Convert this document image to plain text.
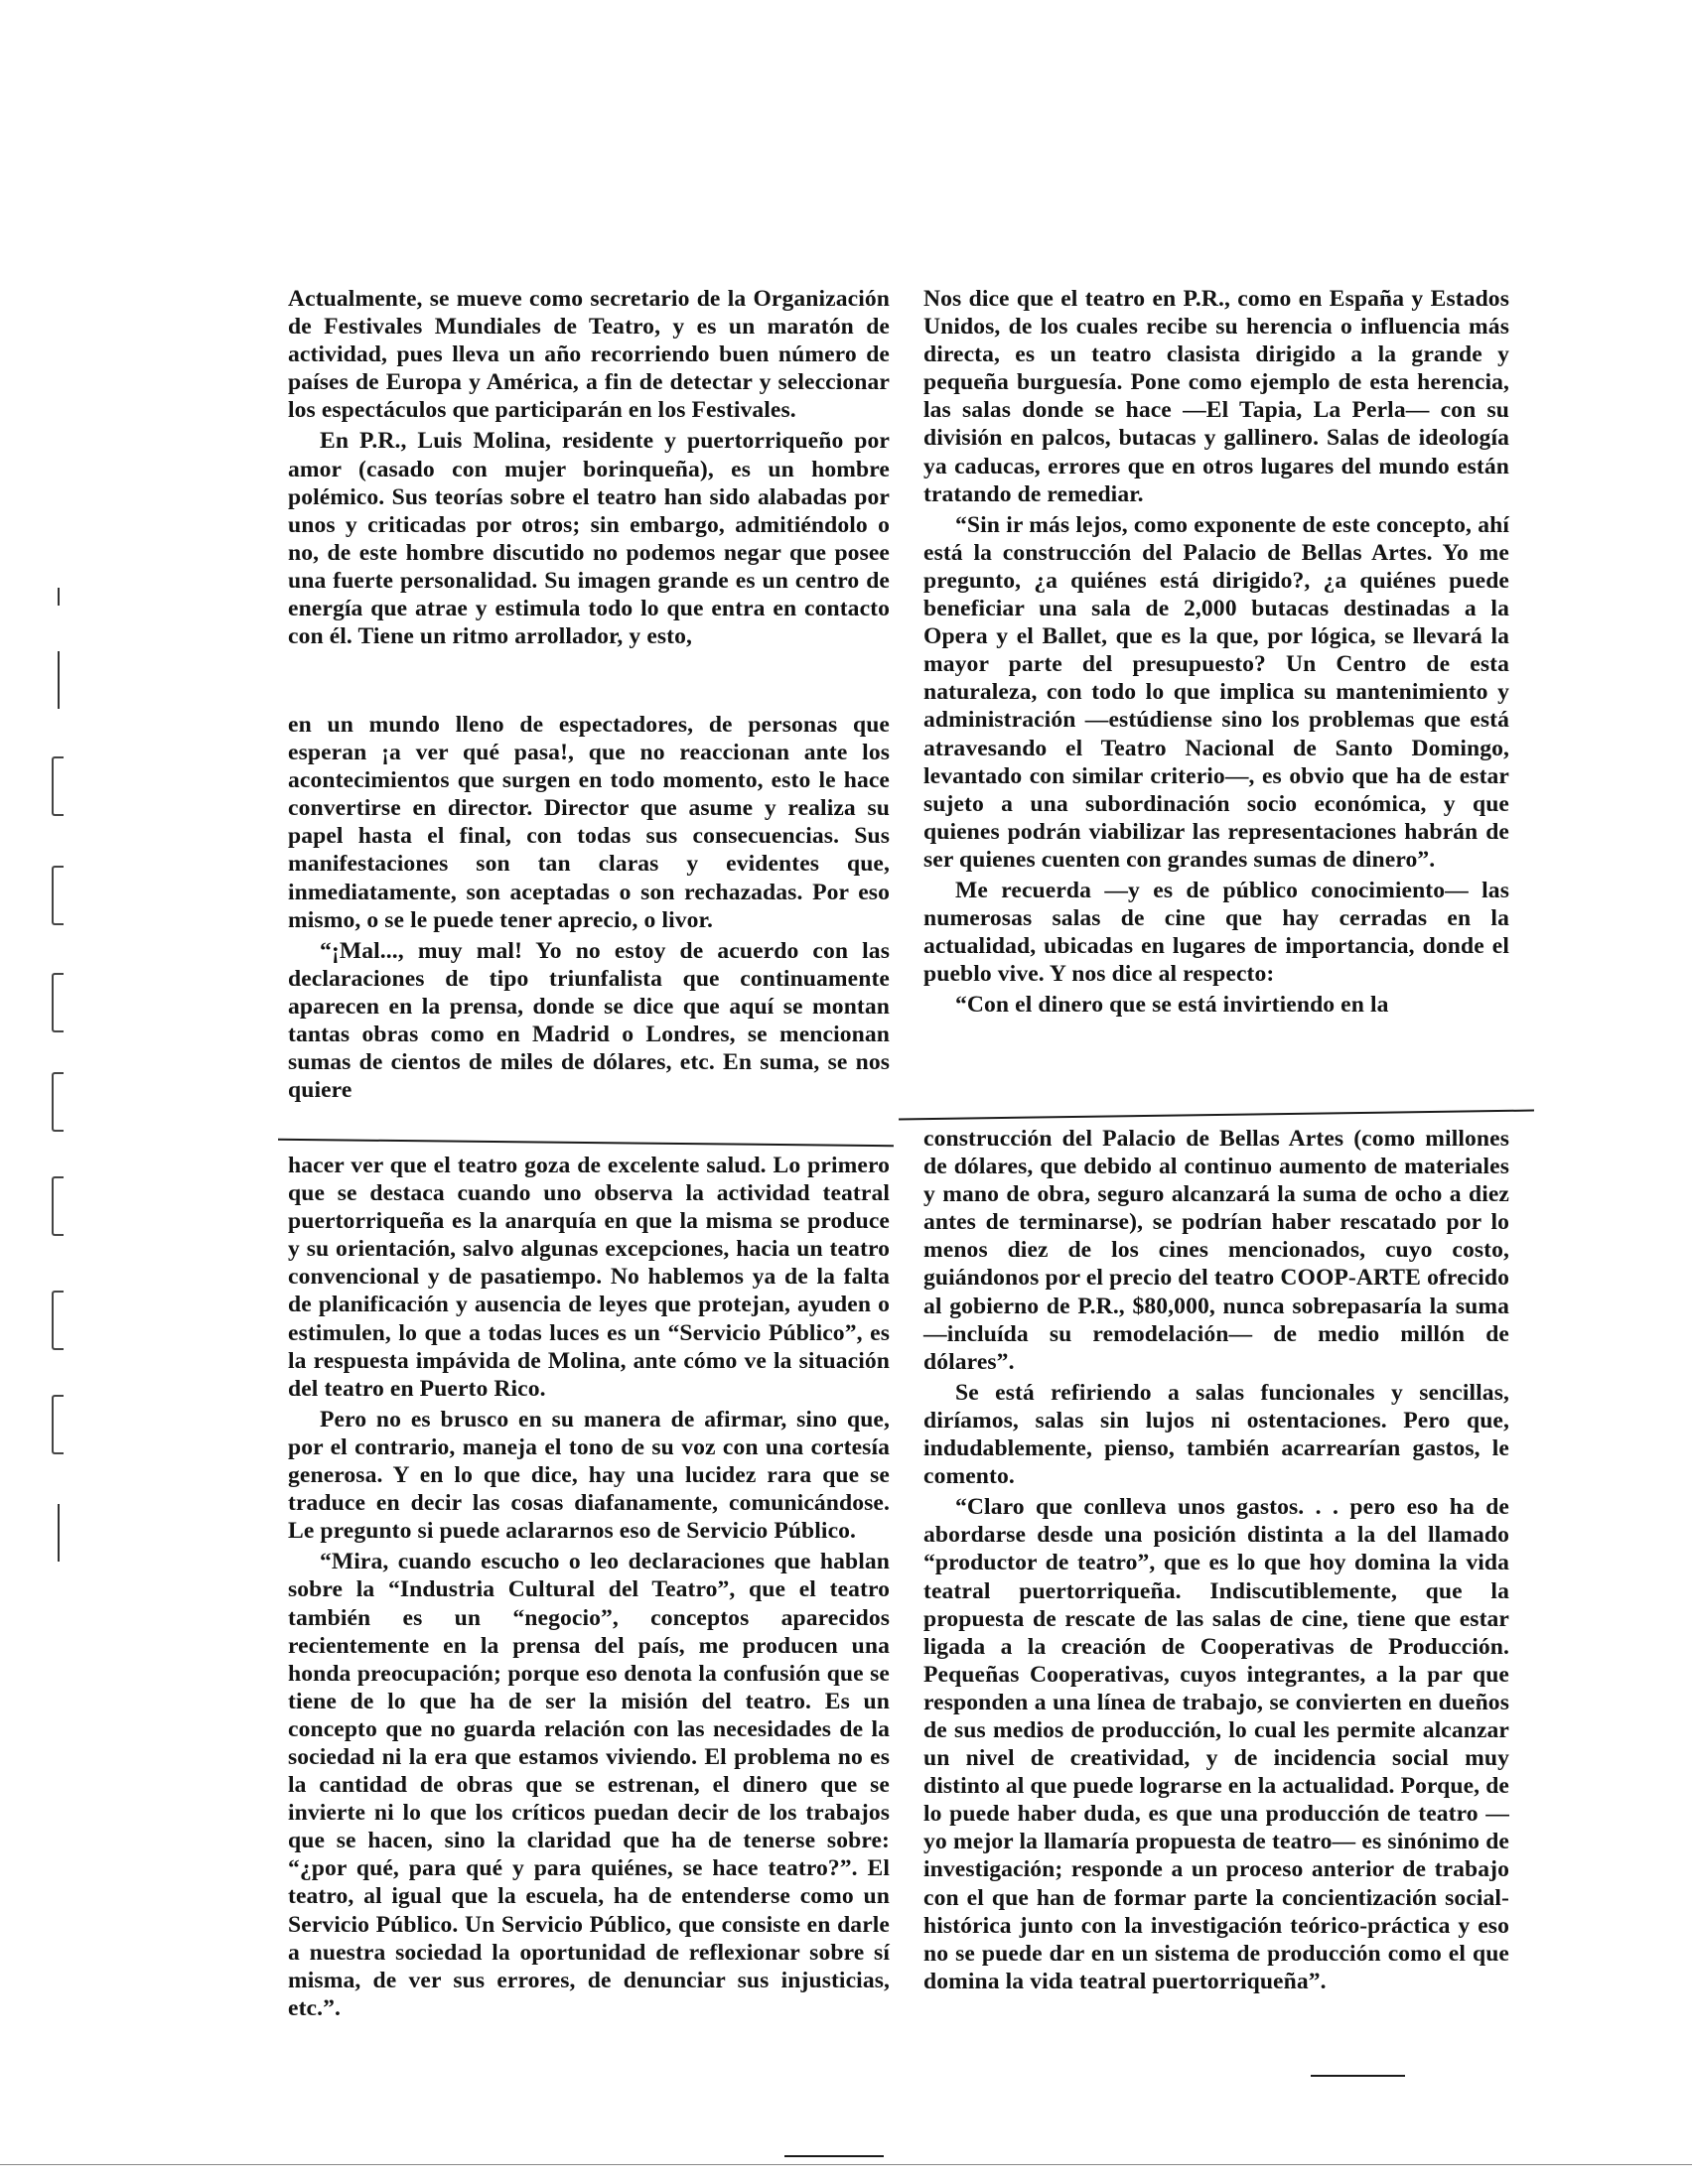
Actualmente, se mueve como secretario de la Organización de Festivales Mundiales de Teatro, y es un maratón de actividad, pues lleva un año recorriendo buen número de países de Europa y América, a fin de detectar y seleccionar los espectáculos que participarán en los Festivales.

En P.R., Luis Molina, residente y puertorriqueño por amor (casado con mujer borinqueña), es un hombre polémico. Sus teorías sobre el teatro han sido alabadas por unos y criticadas por otros; sin embargo, admitiéndolo o no, de este hombre discutido no podemos negar que posee una fuerte personalidad. Su imagen grande es un centro de energía que atrae y estimula todo lo que entra en contacto con él. Tiene un ritmo arrollador, y esto,

en un mundo lleno de espectadores, de personas que esperan ¡a ver qué pasa!, que no reaccionan ante los acontecimientos que surgen en todo momento, esto le hace convertirse en director. Director que asume y realiza su papel hasta el final, con todas sus consecuencias. Sus manifestaciones son tan claras y evidentes que, inmediatamente, son aceptadas o son rechazadas. Por eso mismo, o se le puede tener aprecio, o livor.

“¡Mal..., muy mal! Yo no estoy de acuerdo con las declaraciones de tipo triunfalista que continuamente aparecen en la prensa, donde se dice que aquí se montan tantas obras como en Madrid o Londres, se mencionan sumas de cientos de miles de dólares, etc. En suma, se nos quiere

hacer ver que el teatro goza de excelente salud. Lo primero que se destaca cuando uno observa la actividad teatral puertorriqueña es la anarquía en que la misma se produce y su orientación, salvo algunas excepciones, hacia un teatro convencional y de pasatiempo. No hablemos ya de la falta de planificación y ausencia de leyes que protejan, ayuden o estimulen, lo que a todas luces es un “Servicio Público”, es la respuesta impávida de Molina, ante cómo ve la situación del teatro en Puerto Rico.

Pero no es brusco en su manera de afirmar, sino que, por el contrario, maneja el tono de su voz con una cortesía generosa. Y en lo que dice, hay una lucidez rara que se traduce en decir las cosas diafanamente, comunicándose. Le pregunto si puede aclararnos eso de Servicio Público.

“Mira, cuando escucho o leo declaraciones que hablan sobre la “Industria Cultural del Teatro”, que el teatro también es un “negocio”, conceptos aparecidos recientemente en la prensa del país, me producen una honda preocupación; porque eso denota la confusión que se tiene de lo que ha de ser la misión del teatro. Es un concepto que no guarda relación con las necesidades de la sociedad ni la era que estamos viviendo. El problema no es la cantidad de obras que se estrenan, el dinero que se invierte ni lo que los críticos puedan decir de los trabajos que se hacen, sino la claridad que ha de tenerse sobre: “¿por qué, para qué y para quiénes, se hace teatro?”. El teatro, al igual que la escuela, ha de entenderse como un Servicio Público. Un Servicio Público, que consiste en darle a nuestra sociedad la oportunidad de reflexionar sobre sí misma, de ver sus errores, de denunciar sus injusticias, etc.”.

Nos dice que el teatro en P.R., como en España y Estados Unidos, de los cuales recibe su herencia o influencia más directa, es un teatro clasista dirigido a la grande y pequeña burguesía. Pone como ejemplo de esta herencia, las salas donde se hace —El Tapia, La Perla— con su división en palcos, butacas y gallinero. Salas de ideología ya caducas, errores que en otros lugares del mundo están tratando de remediar.

“Sin ir más lejos, como exponente de este concepto, ahí está la construcción del Palacio de Bellas Artes. Yo me pregunto, ¿a quiénes está dirigido?, ¿a quiénes puede beneficiar una sala de 2,000 butacas destinadas a la Opera y el Ballet, que es la que, por lógica, se llevará la mayor parte del presupuesto? Un Centro de esta naturaleza, con todo lo que implica su mantenimiento y administración —estúdiense sino los problemas que está atravesando el Teatro Nacional de Santo Domingo, levantado con similar criterio—, es obvio que ha de estar sujeto a una subordinación socio económica, y que quienes podrán viabilizar las representaciones habrán de ser quienes cuenten con grandes sumas de dinero”.

Me recuerda —y es de público conocimiento— las numerosas salas de cine que hay cerradas en la actualidad, ubicadas en lugares de importancia, donde el pueblo vive. Y nos dice al respecto:

“Con el dinero que se está invirtiendo en la

construcción del Palacio de Bellas Artes (como millones de dólares, que debido al continuo aumento de materiales y mano de obra, seguro alcanzará la suma de ocho a diez antes de terminarse), se podrían haber rescatado por lo menos diez de los cines mencionados, cuyo costo, guiándonos por el precio del teatro COOP-ARTE ofrecido al gobierno de P.R., $80,000, nunca sobrepasaría la suma —incluída su remodelación— de medio millón de dólares”.

Se está refiriendo a salas funcionales y sencillas, diríamos, salas sin lujos ni ostentaciones. Pero que, indudablemente, pienso, también acarrearían gastos, le comento.

“Claro que conlleva unos gastos. . . pero eso ha de abordarse desde una posición distinta a la del llamado “productor de teatro”, que es lo que hoy domina la vida teatral puertorriqueña. Indiscutiblemente, que la propuesta de rescate de las salas de cine, tiene que estar ligada a la creación de Cooperativas de Producción. Pequeñas Cooperativas, cuyos integrantes, a la par que responden a una línea de trabajo, se convierten en dueños de sus medios de producción, lo cual les permite alcanzar un nivel de creatividad, y de incidencia social muy distinto al que puede lograrse en la actualidad. Porque, de lo puede haber duda, es que una producción de teatro —yo mejor la llamaría propuesta de teatro— es sinónimo de investigación; responde a un proceso anterior de trabajo con el que han de formar parte la concientización social-histórica junto con la investigación teórico-práctica y eso no se puede dar en un sistema de producción como el que domina la vida teatral puertorriqueña”.
